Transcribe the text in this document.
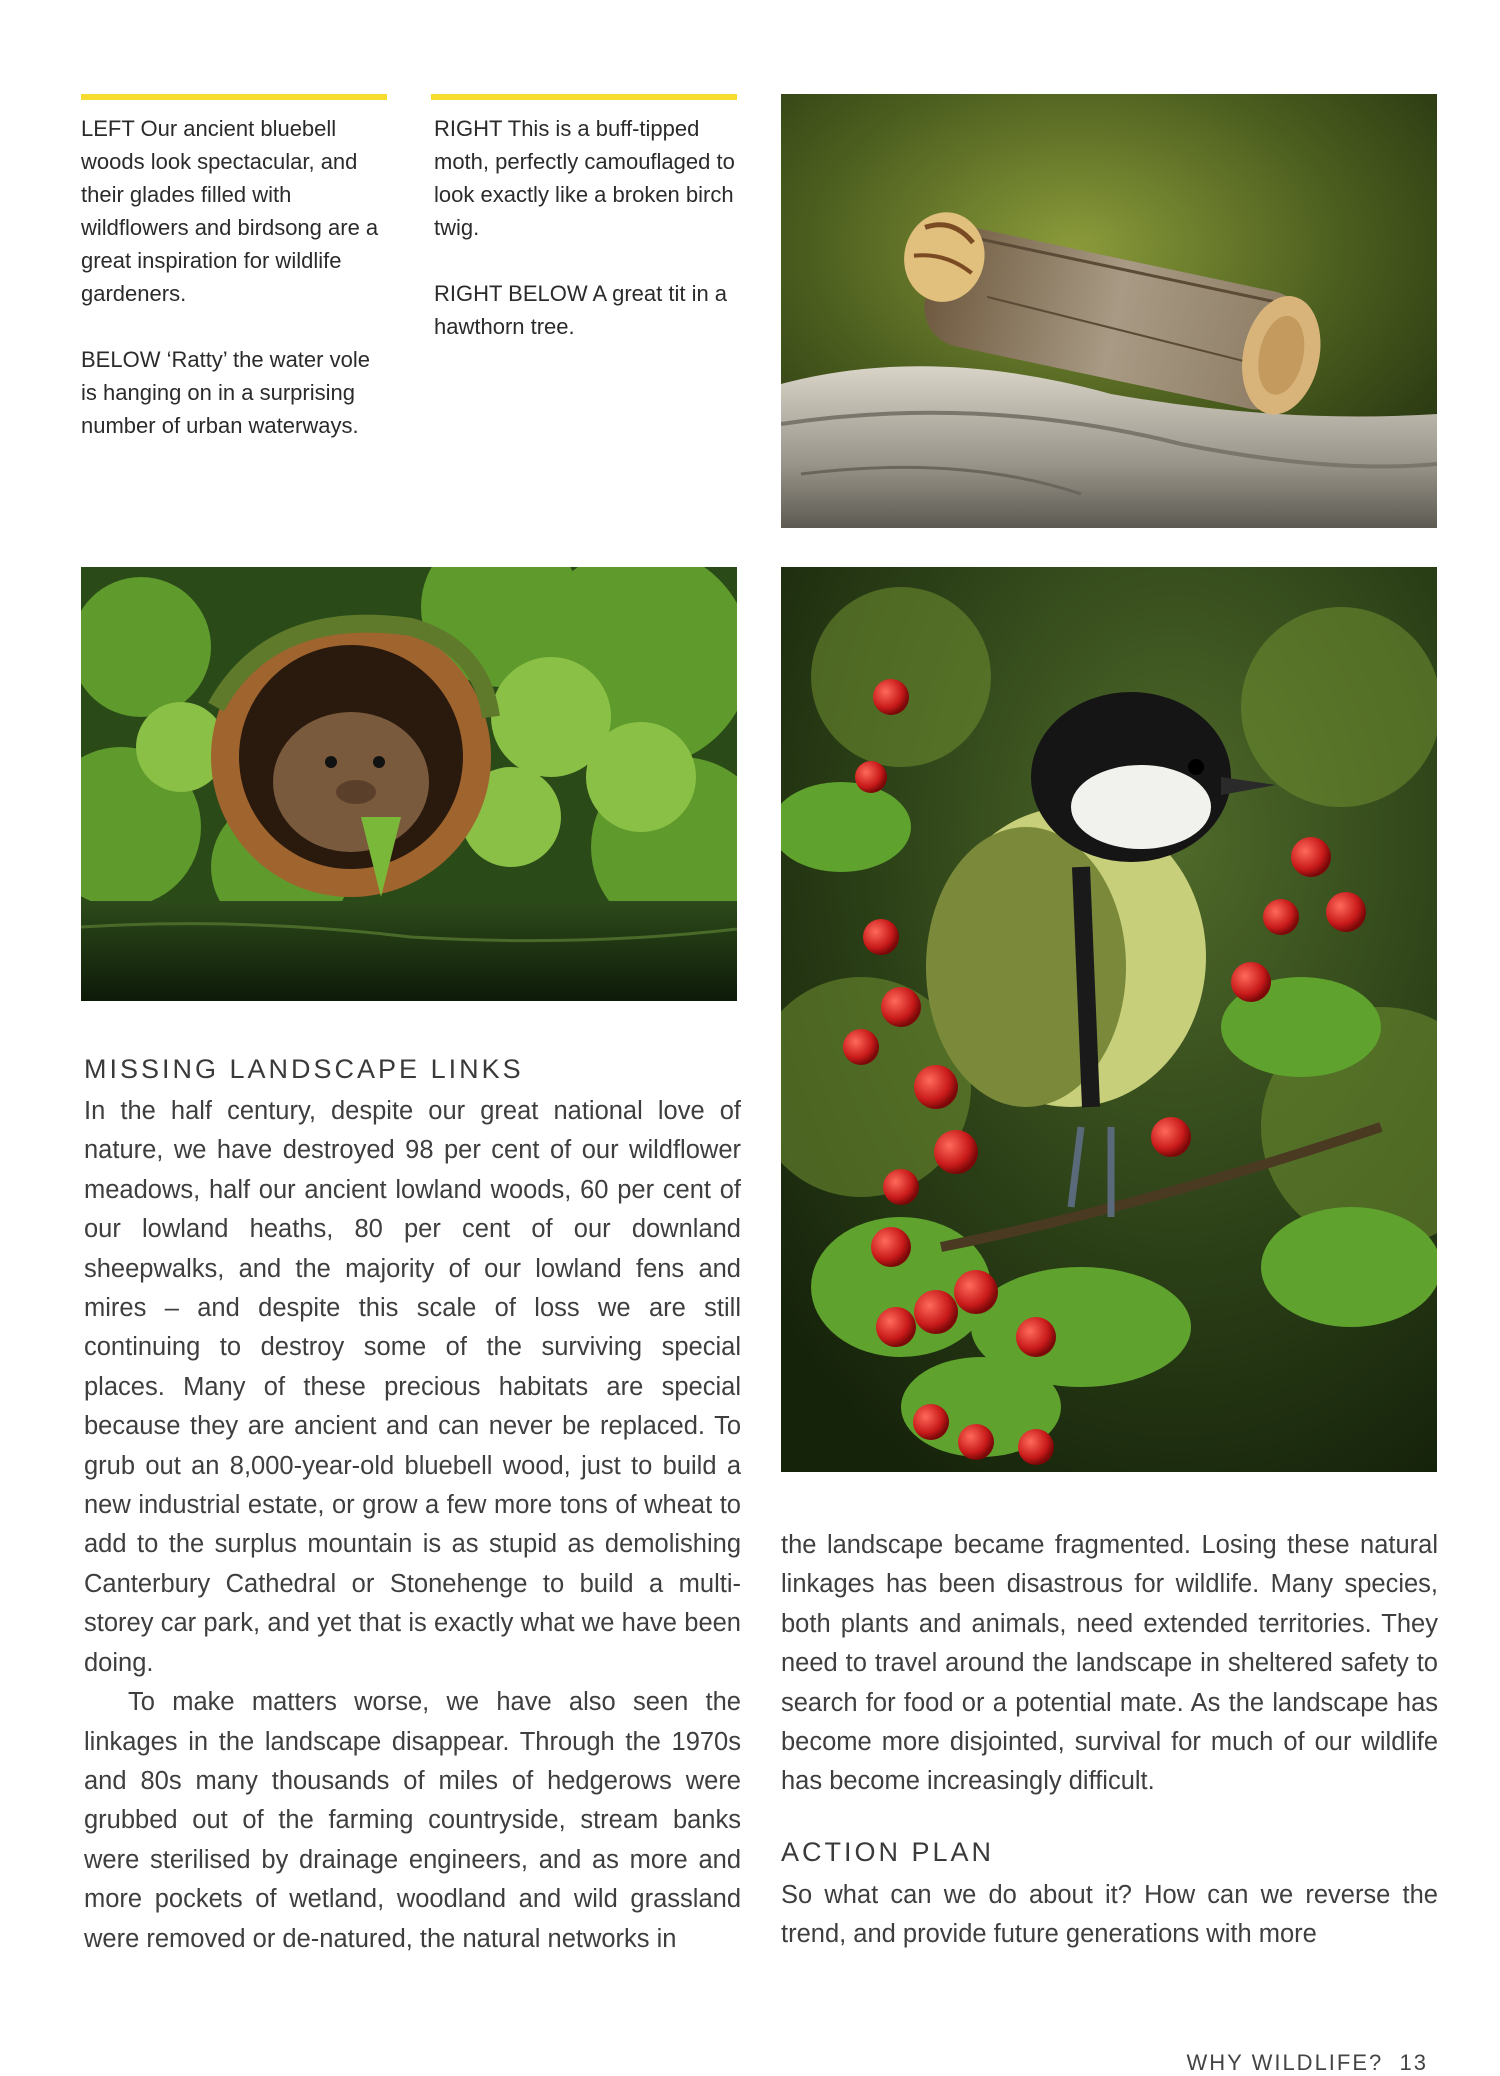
LEFT Our ancient bluebell woods look spectacular, and their glades filled with wildflowers and birdsong are a great inspiration for wildlife gardeners.

BELOW ‘Ratty’ the water vole is hanging on in a surprising number of urban waterways.

RIGHT This is a buff-tipped moth, perfectly camouflaged to look exactly like a broken birch twig.

RIGHT BELOW A great tit in a hawthorn tree.

MISSING LANDSCAPE LINKS

In the half century, despite our great national love of nature, we have destroyed 98 per cent of our wildflower meadows, half our ancient lowland woods, 60 per cent of our lowland heaths, 80 per cent of our downland sheepwalks, and the majority of our lowland fens and mires – and despite this scale of loss we are still continuing to destroy some of the surviving special places. Many of these precious habitats are special because they are ancient and can never be replaced. To grub out an 8,000-year-old bluebell wood, just to build a new industrial estate, or grow a few more tons of wheat to add to the surplus mountain is as stupid as demolishing Canterbury Cathedral or Stonehenge to build a multi-storey car park, and yet that is exactly what we have been doing.

To make matters worse, we have also seen the linkages in the landscape disappear. Through the 1970s and 80s many thousands of miles of hedgerows were grubbed out of the farming countryside, stream banks were sterilised by drainage engineers, and as more and more pockets of wetland, woodland and wild grassland were removed or de-natured, the natural networks in

the landscape became fragmented. Losing these natural linkages has been disastrous for wildlife. Many species, both plants and animals, need extended territories. They need to travel around the landscape in sheltered safety to search for food or a potential mate. As the landscape has become more disjointed, survival for much of our wildlife has become increasingly difficult.

ACTION PLAN

So what can we do about it? How can we reverse the trend, and provide future generations with more

WHY WILDLIFE? 13
